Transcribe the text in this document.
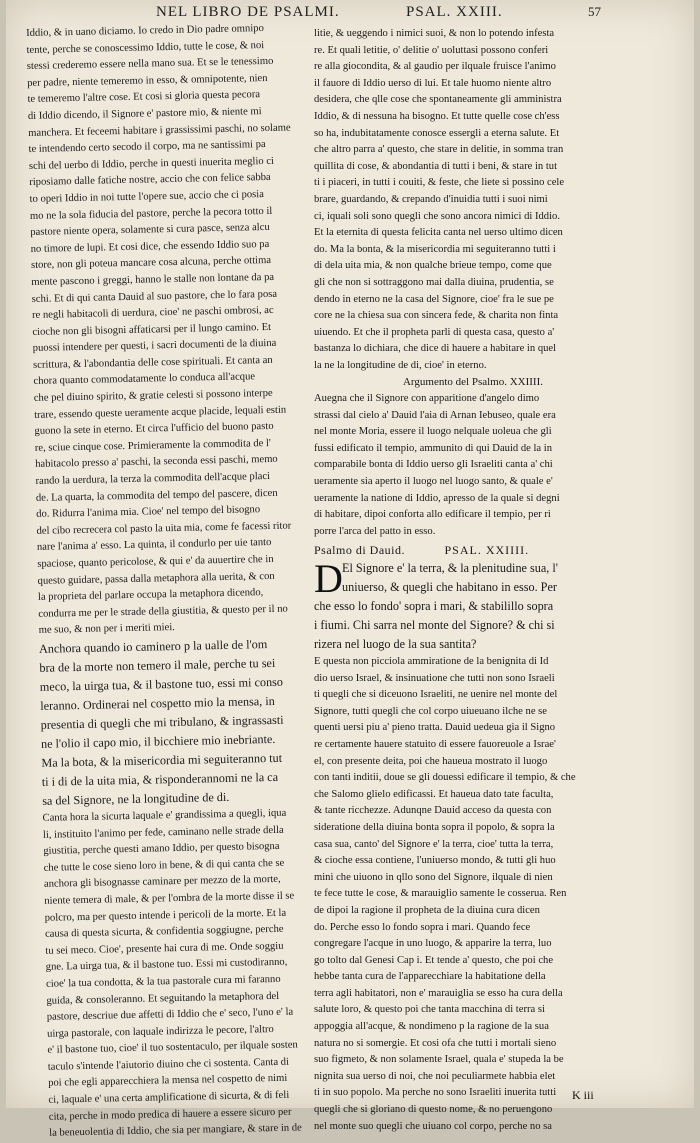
NEL LIBRO DE PSALMI.	PSAL. XXIII.	57
Iddio, & in uano diciamo. Io credo in Dio padre omnipo
tente, perche se conoscessimo Iddio, tutte le cose, & noi
stessi crederemo essere nella mano sua. Et se le tenessimo
per padre, niente temeremo in esso, & omnipotente, nien
te temeremo l'altre cose. Et cosi si gloria questa pecora
di Iddio dicendo, il Signore e' pastore mio, & niente mi
manchera. Et feceemi habitare i grassissimi paschi, no solame
te intendendo certo secodo il corpo, ma ne santissimi pa
schi del uerbo di Iddio, perche in questi inuerita meglio ci
riposiamo dalle fatiche nostre, accio che con felice sabba
to operi Iddio in noi tutte l'opere sue, accio che ci posia
mo ne la sola fiducia del pastore, perche la pecora totto il
pastore niente opera, solamente si cura pasce, senza alcu
no timore de lupi. Et cosi dice, che essendo Iddio suo pa
store, non gli poteua mancare cosa alcuna, perche ottima
mente pascono i greggi, hanno le stalle non lontane da pa
schi. Et di qui canta Dauid al suo pastore, che lo fara posa
re negli habitacoli di uerdura, cioe' ne paschi ombrosi, ac
cioche non gli bisogni affaticarsi per il lungo camino. Et
puossi intendere per questi, i sacri documenti de la diuina
scrittura, & l'abondantia delle cose spirituali. Et canta an
chora quanto commodatamente lo conduca all'acque
che pel diuino spirito, & gratie celesti si possono interpe
trare, essendo queste ueramente acque placide, lequali estin
guono la sete in eterno. Et circa l'ufficio del buono pasto
re, sciue cinque cose. Primieramente la commodita de l'
habitacolo presso a' paschi, la seconda essi paschi, memo
rando la uerdura, la terza la commodita dell'acque placi
de. La quarta, la commodita del tempo del pascere, dicen
do. Ridurra l'anima mia. Cioe' nel tempo del bisogno
del cibo recrecera col pasto la uita mia, come fe facessi ritor
nare l'anima a' esso. La quinta, il condurlo per uie tanto
spaciose, quanto pericolose, & qui e' da auuertire che in
questo guidare, passa dalla metaphora alla uerita, & con
la proprieta del parlare occupa la metaphora dicendo,
condurra me per le strade della giustitia, & questo per il no
me suo, & non per i meriti miei.
Anchora quando io caminero p la ualle de l'om
bra de la morte non temero il male, perche tu sei
meco, la uirga tua, & il bastone tuo, essi mi conso
leranno. Ordinerai nel cospetto mio la mensa, in
presentia di quegli che mi tribulano, & ingrassasti
ne l'olio il capo mio, il bicchiere mio inebriante.
Ma la bota, & la misericordia mi seguiteranno tut
ti i di de la uita mia, & risponderannomi ne la ca
sa del Signore, ne la longitudine de di.
Canta hora la sicurta laquale e' grandissima a quegli, iqua
li, instituito l'animo per fede, caminano nelle strade della
giustitia, perche questi amano Iddio, per questo bisogna
che tutte le cose sieno loro in bene, & di qui canta che se
anchora gli bisognasse caminare per mezzo de la morte,
niente temera di male, & per l'ombra de la morte disse il se
polcro, ma per questo intende i pericoli de la morte. Et la
causa di questa sicurta, & confidentia soggiugne, perche
tu sei meco. Cioe', presente hai cura di me. Onde soggiu
gne. La uirga tua, & il bastone tuo. Essi mi custodiranno,
cioe' la tua condotta, & la tua pastorale cura mi faranno
guida, & consoleranno. Et seguitando la metaphora del
pastore, descriue due affetti di Iddio che e' seco, l'uno e' la
uirga pastorale, con laquale indirizza le pecore, l'altro
e' il bastone tuo, cioe' il tuo sostentaculo, per ilquale sosten
taculo s'intende l'aiutorio diuino che ci sostenta. Canta di
poi che egli apparecchiera la mensa nel cospetto de nimi
ci, laquale e' una certa amplificatione di sicurta, & di feli
cita, perche in modo predica di hauere a essere sicuro per
la beneuolentia di Iddio, che sia per mangiare, & stare in de
litie, & ueggendo i nimici suoi, & non lo potendo infesta
re. Et quali letitie, o' delitie o' uoluttasi possono conferi
re alla giocondita, & al gaudio per ilquale fruisce l'animo
il fauore di Iddio uerso di lui. Et tale huomo niente altro
desidera, che qlle cose che spontaneamente gli amministra
Iddio, & di nessuna ha bisogno. Et tutte quelle cose ch'ess
so ha, indubitatamente conosce essergli a eterna salute. Et
che altro parra a' questo, che stare in delitie, in somma tran
quillita di cose, & abondantia di tutti i beni, & stare in tut
ti i piaceri, in tutti i couiti, & feste, che liete si possino cele
brare, guardando, & crepando d'inuidia tutti i suoi nimi
ci, iquali soli sono quegli che sono ancora nimici di Iddio.
Et la eternita di questa felicita canta nel uerso ultimo dicen
do. Ma la bonta, & la misericordia mi seguiteranno tutti i
di dela uita mia, & non qualche brieue tempo, come que
gli che non si sottraggono mai dalla diuina, prudentia, se
dendo in eterno ne la casa del Signore, cioe' fra le sue pe
core ne la chiesa sua con sincera fede, & charita non finta
uiuendo. Et che il propheta parli di questa casa, questo a'
bastanza lo dichiara, che dice di hauere a habitare in quel
la ne la longitudine de di, cioe' in eterno.
Argumento del Psalmo. XXIIII.
Auegna che il Signore con apparitione d'angelo dimo
strassi dal cielo a' Dauid l'aia di Arnan Iebuseo, quale era
nel monte Moria, essere il luogo nelquale uoleua che gli
fussi edificato il tempio, ammunito di qui Dauid de la in
comparabile bonta di Iddio uerso gli Israeliti canta a' chi
ueramente sia aperto il luogo nel luogo santo, & quale e'
ueramente la natione di Iddio, apresso de la quale si degni
di habitare, dipoi conforta allo edificare il tempio, per ri
porre l'arca del patto in esso.
Psalmo di Dauid.	PSAL. XXIIII.
D El Signore e' la terra, & la plenitudine sua, l'
uniuerso, & quegli che habitano in esso. Per
che esso lo fondo' sopra i mari, & stabilillo sopra
i fiumi. Chi sarra nel monte del Signore? & chi si
rizera nel luogo de la sua santita?
E questa non picciola ammiratione de la benignita di Id
dio uerso Israel, & insinuatione che tutti non sono Israeli
ti quegli che si diceuono Israeliti, ne uenire nel monte del
Signore, tutti quegli che col corpo uiueuano ilche ne se
quenti uersi piu a' pieno tratta. Dauid uedeua gia il Signo
re certamente hauere statuito di essere fauoreuole a Israe'
el, con presente deita, poi che haueua mostrato il luogo
con tanti inditii, doue se gli douessi edificare il tempio, & che
che Salomo glielo edificassi. Et haueua dato tate faculta,
& tante ricchezze. Adunqne Dauid acceso da questa con
sideratione della diuina bonta sopra il popolo, & sopra la
casa sua, canto' del Signore e' la terra, cioe' tutta la terra,
& cioche essa contiene, l'uniuerso mondo, & tutti gli huo
mini che uiuono in qllo sono del Signore, ilquale di nien
te fece tutte le cose, & marauiglio samente le cosserua. Ren
de dipoi la ragione il propheta de la diuina cura dicen
do. Perche esso lo fondo sopra i mari. Quando fece
congregare l'acque in uno luogo, & apparire la terra, luo
go tolto dal Genesi Cap i. Et tende a' questo, che poi che
hebbe tanta cura de l'apparecchiare la habitatione della
terra agli habitatori, non e' marauiglia se esso ha cura della
salute loro, & questo poi che tanta macchina di terra si
appoggia all'acque, & nondimeno p la ragione de la sua
natura no si somergie. Et cosi ofa che tutti i mortali sieno
suo figmeto, & non solamente Israel, quala e' stupeda la be
nignita sua uerso di noi, che noi peculiarmete habbia elet
ti in suo popolo. Ma perche no sono Israeliti inuerita tutti
quegli che si gloriano di questo nome, & no peruengono
nel monte suo quegli che uiuano col corpo, perche no sa
K iii
